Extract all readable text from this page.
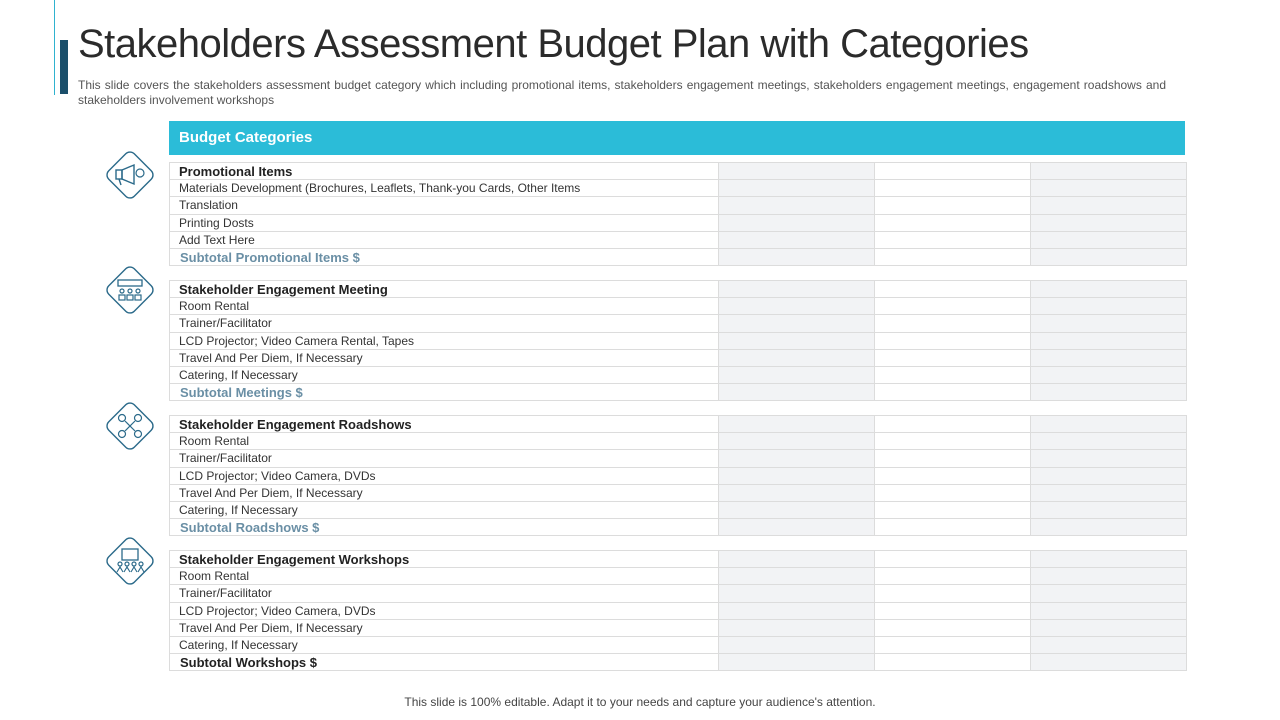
Stakeholders Assessment Budget Plan with Categories
This slide covers the stakeholders assessment budget category which including promotional items, stakeholders engagement meetings, stakeholders engagement meetings, engagement roadshows and stakeholders involvement workshops
Budget Categories
Promotional Items			
Materials Development (Brochures, Leaflets, Thank-you Cards, Other Items			
Translation			
Printing Dosts			
Add Text Here			
Subtotal Promotional Items $			
Stakeholder Engagement Meeting			
Room Rental			
Trainer/Facilitator			
LCD Projector; Video Camera Rental, Tapes			
Travel And Per Diem, If Necessary			
Catering, If Necessary			
Subtotal Meetings $			
Stakeholder Engagement Roadshows			
Room Rental			
Trainer/Facilitator			
LCD Projector; Video Camera, DVDs			
Travel And Per Diem, If Necessary			
Catering, If Necessary			
Subtotal Roadshows $			
Stakeholder Engagement Workshops			
Room Rental			
Trainer/Facilitator			
LCD Projector; Video Camera, DVDs			
Travel And Per Diem, If Necessary			
Catering, If Necessary			
Subtotal Workshops $			
This slide is 100% editable. Adapt it to your needs and capture your audience's attention.
